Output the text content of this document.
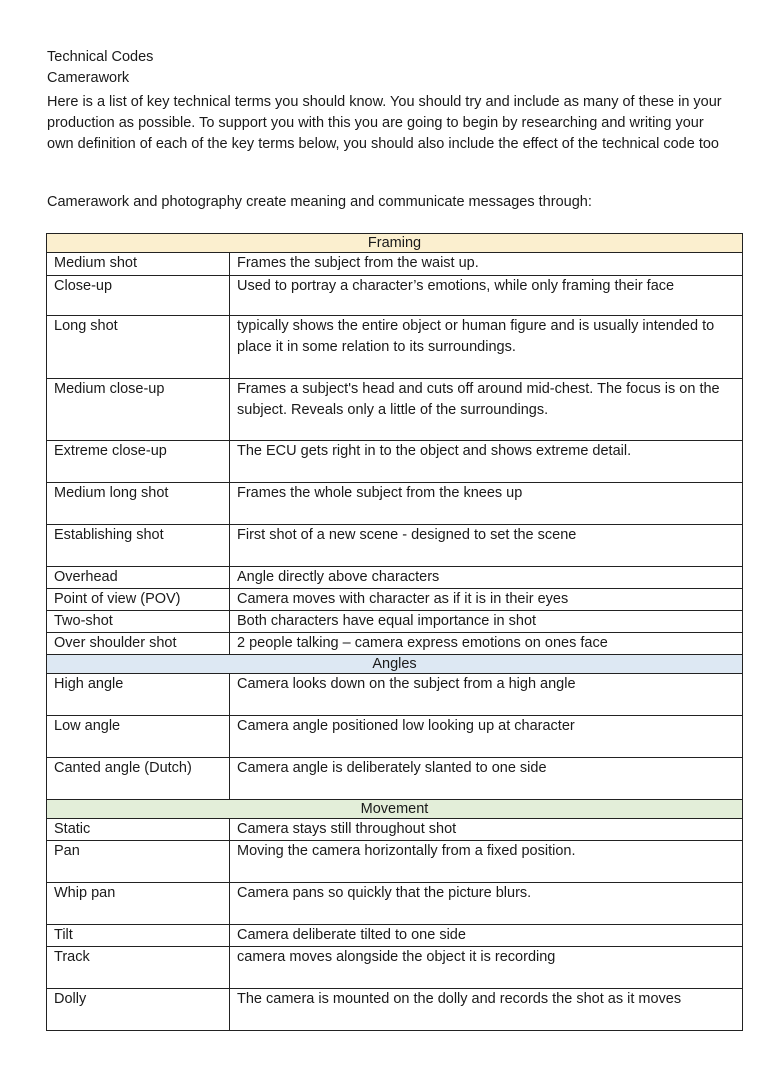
Technical Codes
Camerawork
Here is a list of key technical terms you should know. You should try and include as many of these in your production as possible. To support you with this you are going to begin by researching and writing your own definition of each of the key terms below, you should also include the effect of the technical code too
Camerawork and photography create meaning and communicate messages through:
Framing	
Medium shot	Frames the subject from the waist up.
Close-up	Used to portray a character’s emotions, while only framing their face
Long shot	typically shows the entire object or human figure and is usually intended to place it in some relation to its surroundings.
Medium close-up	Frames a subject's head and cuts off around mid-chest. The focus is on the subject. Reveals only a little of the surroundings.
Extreme close-up	The ECU gets right in to the object and shows extreme detail.
Medium long shot	Frames the whole subject from the knees up
Establishing shot	First shot of a new scene - designed to set the scene
Overhead	Angle directly above characters
Point of view (POV)	Camera moves with character as if it is in their eyes
Two-shot	Both characters have equal importance in shot
Over shoulder shot	2 people talking – camera express emotions on ones face
Angles	
High angle	Camera looks down on the subject from a high angle
Low angle	Camera angle positioned low looking up at character
Canted angle (Dutch)	Camera angle is deliberately slanted to one side
Movement	
Static	Camera stays still throughout shot
Pan	Moving the camera horizontally from a fixed position.
Whip pan	Camera pans so quickly that the picture blurs.
Tilt	Camera deliberate tilted to one side
Track	camera moves alongside the object it is recording
Dolly	The camera is mounted on the dolly and records the shot as it moves
